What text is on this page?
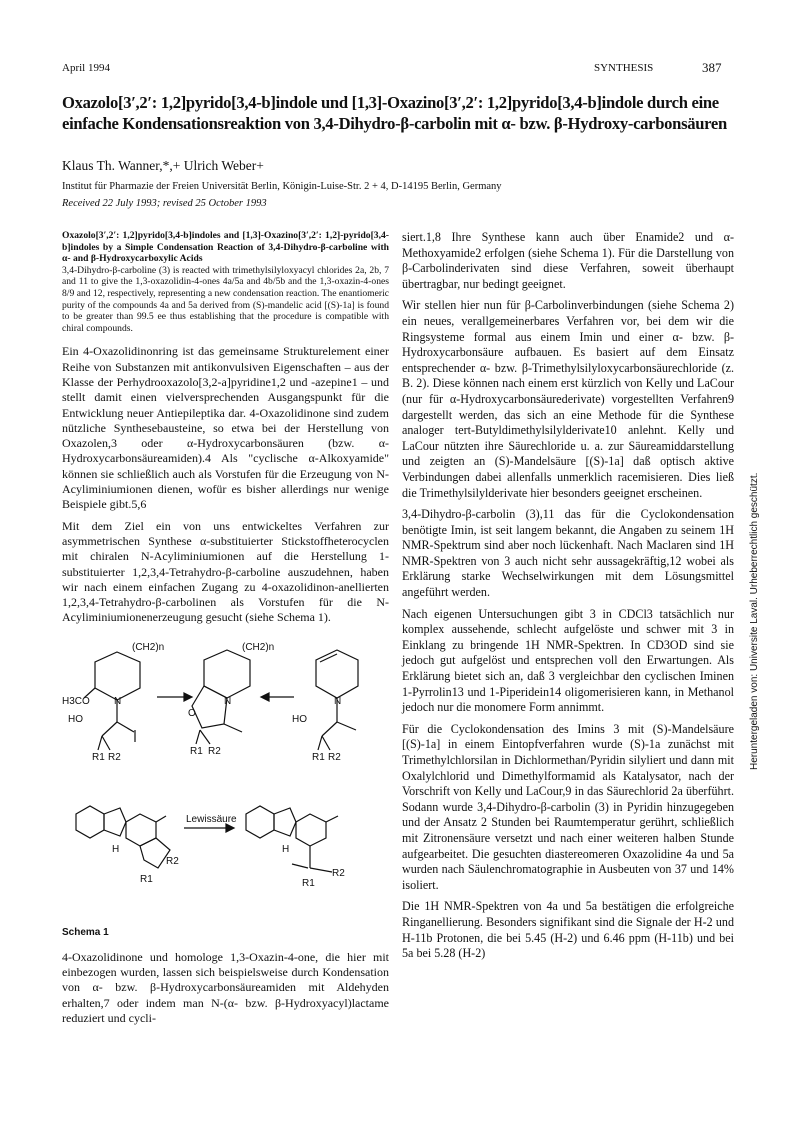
April 1994	SYNTHESIS	387
Oxazolo[3′,2′: 1,2]pyrido[3,4-b]indole und [1,3]-Oxazino[3′,2′: 1,2]pyrido[3,4-b]indole durch eine einfache Kondensationsreaktion von 3,4-Dihydro-β-carbolin mit α- bzw. β-Hydroxy-carbonsäuren
Klaus Th. Wanner,*,+ Ulrich Weber+
Institut für Pharmazie der Freien Universität Berlin, Königin-Luise-Str. 2 + 4, D-14195 Berlin, Germany
Received 22 July 1993; revised 25 October 1993
Oxazolo[3′,2′: 1,2]pyrido[3,4-b]indoles and [1,3]-Oxazino[3′,2′: 1,2]-pyrido[3,4-b]indoles by a Simple Condensation Reaction of 3,4-Dihydro-β-carboline with α- and β-Hydroxycarboxylic Acids
3,4-Dihydro-β-carboline (3) is reacted with trimethylsilyloxyacyl chlorides 2a, 2b, 7 and 11 to give the 1,3-oxazolidin-4-ones 4a/5a and 4b/5b and the 1,3-oxazin-4-ones 8/9 and 12, respectively, representing a new condensation reaction. The enantiomeric purity of the compounds 4a and 5a derived from (S)-mandelic acid [(S)-1a] is found to be greater than 99.5 ee thus establishing that the procedure is compatible with chiral compounds.

Ein 4-Oxazolidinonring ist das gemeinsame Strukturelement einer Reihe von Substanzen mit antikonvulsiven Eigenschaften – aus der Klasse der Perhydrooxazolo[3,2-a]pyridine1,2 und -azepine1 – und stellt damit einen vielversprechenden Ausgangspunkt für die Entwicklung neuer Antiepileptika dar. 4-Oxazolidinone sind zudem nützliche Synthesebausteine, so etwa bei der Herstellung von Oxazolen,3 oder α-Hydroxycarbonsäuren (bzw. α-Hydroxycarbonsäureamiden).4 Als "cyclische α-Alkoxyamide" können sie schließlich auch als Vorstufen für die Erzeugung von N-Acyliminiumionen dienen, wofür es bisher allerdings nur wenige Beispiele gibt.5,6

Mit dem Ziel ein von uns entwickeltes Verfahren zur asymmetrischen Synthese α-substituierter Stickstoffheterocyclen mit chiralen N-Acyliminiumionen auf die Herstellung 1-substituierter 1,2,3,4-Tetrahydro-β-carboline auszudehnen, haben wir nach einem einfachen Zugang zu 4-oxazolidinon-anellierten 1,2,3,4-Tetrahydro-β-carbolinen als Vorstufen für die N-Acyliminiumionenerzeugung gesucht (siehe Schema 1).

(CH2)n	(CH2)n
H3CO
HO	HO
N	N	N
O
R1 R2
R1 R2
R1 R2
Lewissäure
H	H
R2
R1
R2
R1
Schema 1

4-Oxazolidinone und homologe 1,3-Oxazin-4-one, die hier mit einbezogen wurden, lassen sich beispielsweise durch Kondensation von α- bzw. β-Hydroxycarbonsäureamiden mit Aldehyden erhalten,7 oder indem man N-(α- bzw. β-Hydroxyacyl)lactame reduziert und cycli-

siert.1,8 Ihre Synthese kann auch über Enamide2 und α-Methoxyamide2 erfolgen (siehe Schema 1). Für die Darstellung von β-Carbolinderivaten sind diese Verfahren, soweit überhaupt übertragbar, nur bedingt geeignet.

Wir stellen hier nun für β-Carbolinverbindungen (siehe Schema 2) ein neues, verallgemeinerbares Verfahren vor, bei dem wir die Ringsysteme formal aus einem Imin und einer α- bzw. β-Hydroxycarbonsäure aufbauen. Es basiert auf dem Einsatz entsprechender α- bzw. β-Trimethylsilyloxycarbonsäurechloride (z. B. 2). Diese können nach einem erst kürzlich von Kelly und LaCour (nur für α-Hydroxycarbonsäurederivate) vorgestellten Verfahren9 dargestellt werden, das sich an eine Methode für die Synthese analoger tert-Butyldimethylsilylderivate10 anlehnt. Kelly und LaCour nützten ihre Säurechloride u. a. zur Säureamiddarstellung und zeigten an (S)-Mandelsäure [(S)-1a] daß optisch aktive Verbindungen dabei allenfalls unmerklich racemisieren. Dies ließ die Trimethylsilylderivate hier besonders geeignet erscheinen.

3,4-Dihydro-β-carbolin (3),11 das für die Cyclokondensation benötigte Imin, ist seit langem bekannt, die Angaben zu seinem 1H NMR-Spektrum sind aber noch lückenhaft. Nach Maclaren sind 1H NMR-Spektren von 3 auch nicht sehr aussagekräftig,12 wobei als Erklärung starke Wechselwirkungen mit dem Lösungsmittel angeführt werden.

Nach eigenen Untersuchungen gibt 3 in CDCl3 tatsächlich nur komplex aussehende, schlecht aufgelöste und schwer mit 3 in Einklang zu bringende 1H NMR-Spektren. In CD3OD sind sie jedoch gut aufgelöst und entsprechen voll den Erwartungen. Als Erklärung bietet sich an, daß 3 vergleichbar den cyclischen Iminen 1-Pyrrolin13 und 1-Piperidein14 oligomerisieren kann, in Methanol jedoch nur die monomere Form annimmt.

Für die Cyclokondensation des Imins 3 mit (S)-Mandelsäure [(S)-1a] in einem Eintopfverfahren wurde (S)-1a zunächst mit Trimethylchlorsilan in Dichlormethan/Pyridin silyliert und dann mit Oxalylchlorid und Dimethylformamid als Katalysator, nach der Vorschrift von Kelly und LaCour,9 in das Säurechlorid 2a überführt. Sodann wurde 3,4-Dihydro-β-carbolin (3) in Pyridin hinzugegeben und der Ansatz 2 Stunden bei Raumtemperatur gerührt, schließlich mit Zitronensäure versetzt und nach einer weiteren halben Stunde aufgearbeitet. Die gesuchten diastereomeren Oxazolidine 4a und 5a wurden nach Säulenchromatographie in Ausbeuten von 37 und 14% isoliert.

Die 1H NMR-Spektren von 4a und 5a bestätigen die erfolgreiche Ringanellierung. Besonders signifikant sind die Signale der H-2 und H-11b Protonen, die bei 5.45 (H-2) und 6.46 ppm (H-11b) und bei 5a bei 5.28 (H-2)

Heruntergeladen von: Universite Laval. Urheberrechtlich geschützt.
